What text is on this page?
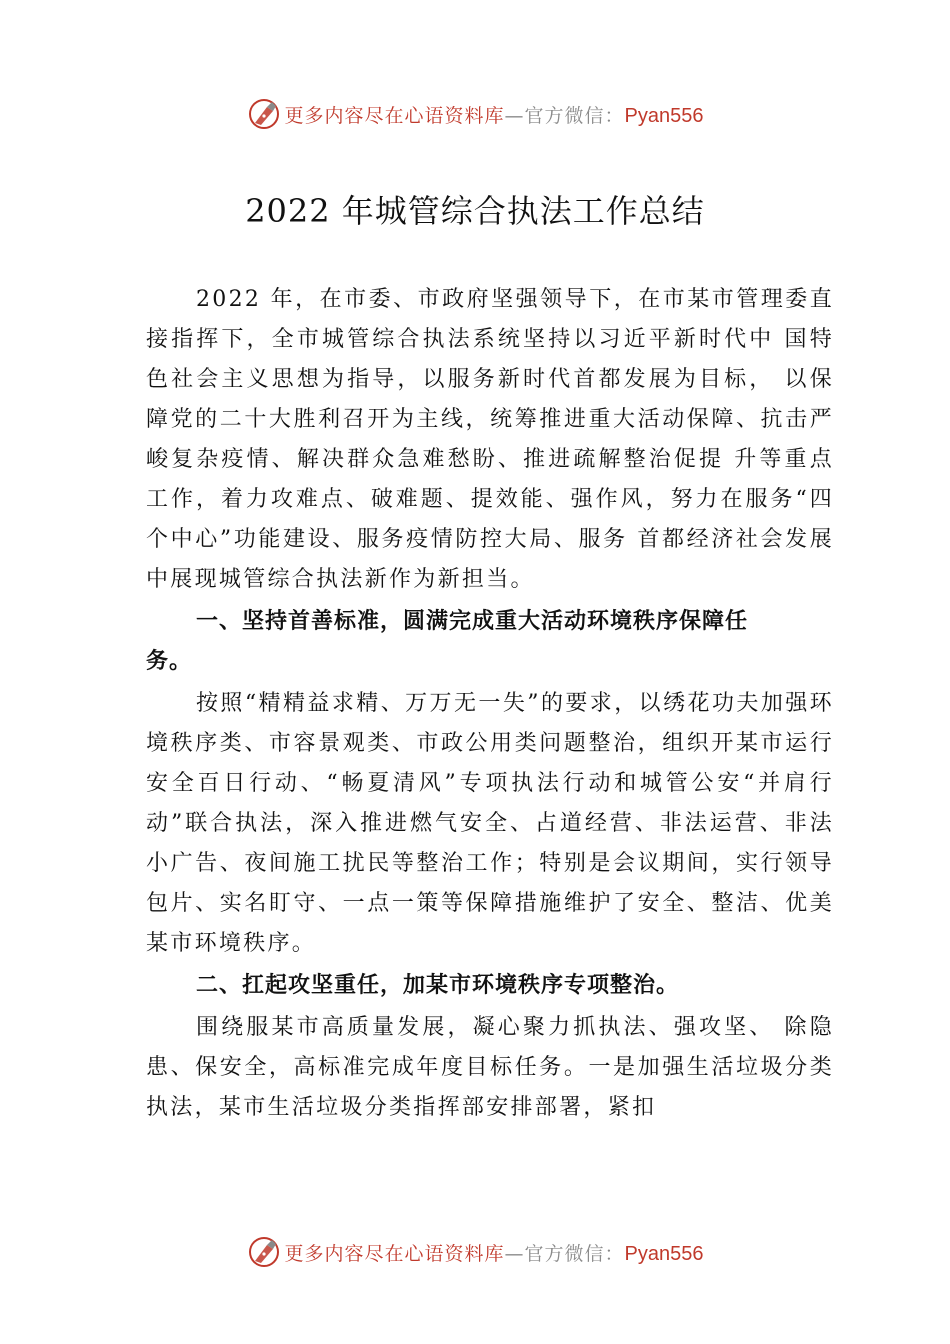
更多内容尽在心语资料库—官方微信：Pyan556
2022 年城管综合执法工作总结

2022 年，在市委、市政府坚强领导下，在市某市管理委直接指挥下，全市城管综合执法系统坚持以习近平新时代中 国特色社会主义思想为指导，以服务新时代首都发展为目标， 以保障党的二十大胜利召开为主线，统筹推进重大活动保障、抗击严峻复杂疫情、解决群众急难愁盼、推进疏解整治促提 升等重点工作，着力攻难点、破难题、提效能、强作风，努力在服务“四个中心”功能建设、服务疫情防控大局、服务 首都经济社会发展中展现城管综合执法新作为新担当。

一、坚持首善标准，圆满完成重大活动环境秩序保障任务。

按照“精精益求精、万万无一失”的要求，以绣花功夫加强环境秩序类、市容景观类、市政公用类问题整治，组织开某市运行安全百日行动、“畅夏清风”专项执法行动和城管公安“并肩行动”联合执法，深入推进燃气安全、占道经营、非法运营、非法小广告、夜间施工扰民等整治工作；特别是会议期间，实行领导包片、实名盯守、一点一策等保障措施维护了安全、整洁、优美某市环境秩序。

二、扛起攻坚重任，加某市环境秩序专项整治。

围绕服某市高质量发展，凝心聚力抓执法、强攻坚、 除隐患、保安全，高标准完成年度目标任务。一是加强生活垃圾分类执法，某市生活垃圾分类指挥部安排部署，紧扣

更多内容尽在心语资料库—官方微信：Pyan556
